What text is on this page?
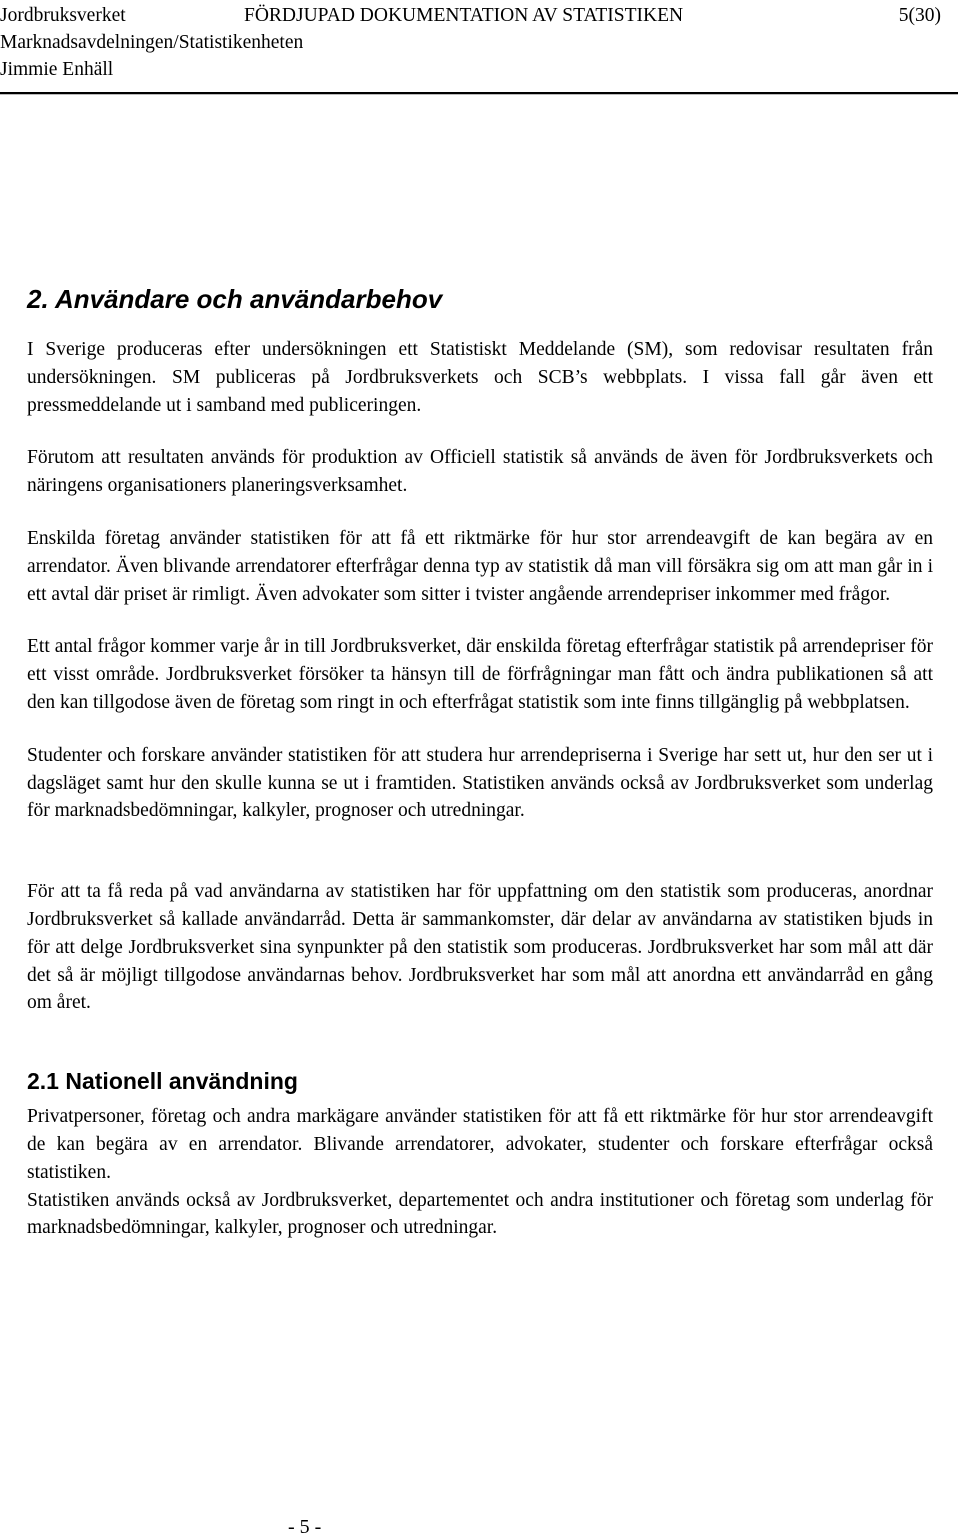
Jordbruksverket	FÖRDJUPAD DOKUMENTATION AV STATISTIKEN	5(30)
Marknadsavdelningen/Statistikenheten
Jimmie Enhäll
2. Användare och användarbehov

I Sverige produceras efter undersökningen ett Statistiskt Meddelande (SM), som redovisar resultaten från undersökningen. SM publiceras på Jordbruksverkets och SCB’s webbplats. I vissa fall går även ett pressmeddelande ut i samband med publiceringen.

Förutom att resultaten används för produktion av Officiell statistik så används de även för Jordbruksverkets och näringens organisationers planeringsverksamhet.

Enskilda företag använder statistiken för att få ett riktmärke för hur stor arrendeavgift de kan begära av en arrendator. Även blivande arrendatorer efterfrågar denna typ av statistik då man vill försäkra sig om att man går in i ett avtal där priset är rimligt. Även advokater som sitter i tvister angående arrendepriser inkommer med frågor.

Ett antal frågor kommer varje år in till Jordbruksverket, där enskilda företag efterfrågar statistik på arrendepriser för ett visst område. Jordbruksverket försöker ta hänsyn till de förfrågningar man fått och ändra publikationen så att den kan tillgodose även de företag som ringt in och efterfrågat statistik som inte finns tillgänglig på webbplatsen.

Studenter och forskare använder statistiken för att studera hur arrendepriserna i Sverige har sett ut, hur den ser ut i dagsläget samt hur den skulle kunna se ut i framtiden. Statistiken används också av Jordbruksverket som underlag för marknadsbedömningar, kalkyler, prognoser och utredningar.

För att ta få reda på vad användarna av statistiken har för uppfattning om den statistik som produceras, anordnar Jordbruksverket så kallade användarråd. Detta är sammankomster, där delar av användarna av statistiken bjuds in för att delge Jordbruksverket sina synpunkter på den statistik som produceras. Jordbruksverket har som mål att där det så är möjligt tillgodose användarnas behov. Jordbruksverket har som mål att anordna ett användarråd en gång om året.

2.1 Nationell användning

Privatpersoner, företag och andra markägare använder statistiken för att få ett riktmärke för hur stor arrendeavgift de kan begära av en arrendator. Blivande arrendatorer, advokater, studenter och forskare efterfrågar också statistiken.

Statistiken används också av Jordbruksverket, departementet och andra institutioner och företag som underlag för marknadsbedömningar, kalkyler, prognoser och utredningar.

- 5 -
